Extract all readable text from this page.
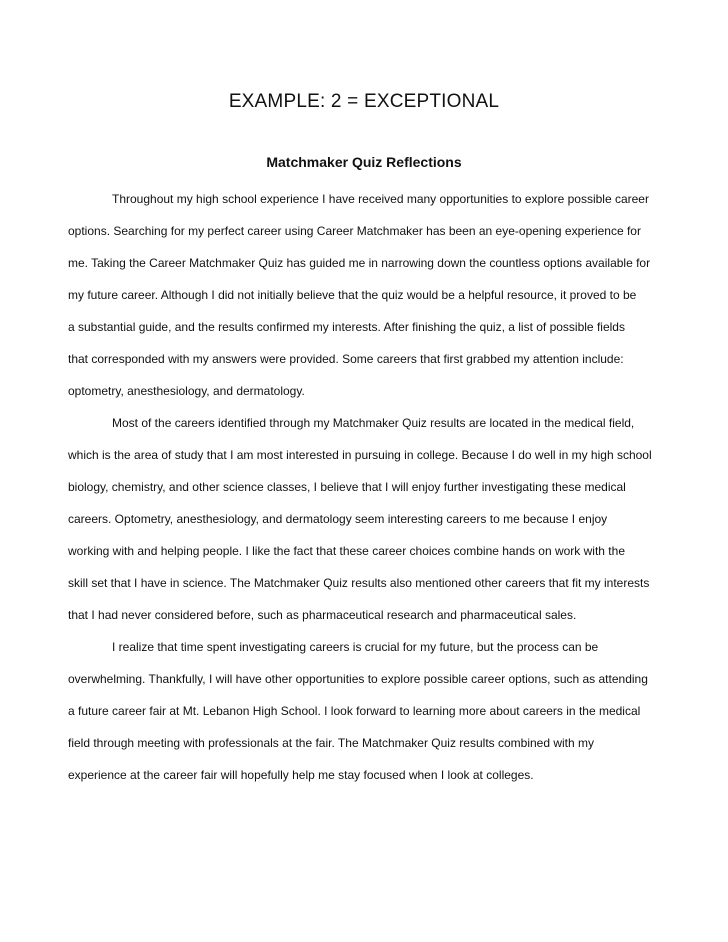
EXAMPLE: 2 = EXCEPTIONAL
Matchmaker Quiz Reflections
Throughout my high school experience I have received many opportunities to explore possible career
options. Searching for my perfect career using Career Matchmaker has been an eye-opening experience for
me. Taking the Career Matchmaker Quiz has guided me in narrowing down the countless options available for
my future career. Although I did not initially believe that the quiz would be a helpful resource, it proved to be
a substantial guide, and the results confirmed my interests. After finishing the quiz, a list of possible fields
that corresponded with my answers were provided. Some careers that first grabbed my attention include:
optometry, anesthesiology, and dermatology.
Most of the careers identified through my Matchmaker Quiz results are located in the medical field,
which is the area of study that I am most interested in pursuing in college. Because I do well in my high school
biology, chemistry, and other science classes, I believe that I will enjoy further investigating these medical
careers. Optometry, anesthesiology, and dermatology seem interesting careers to me because I enjoy
working with and helping people. I like the fact that these career choices combine hands on work with the
skill set that I have in science. The Matchmaker Quiz results also mentioned other careers that fit my interests
that I had never considered before, such as pharmaceutical research and pharmaceutical sales.
I realize that time spent investigating careers is crucial for my future, but the process can be
overwhelming. Thankfully, I will have other opportunities to explore possible career options, such as attending
a future career fair at Mt. Lebanon High School. I look forward to learning more about careers in the medical
field through meeting with professionals at the fair. The Matchmaker Quiz results combined with my
experience at the career fair will hopefully help me stay focused when I look at colleges.
